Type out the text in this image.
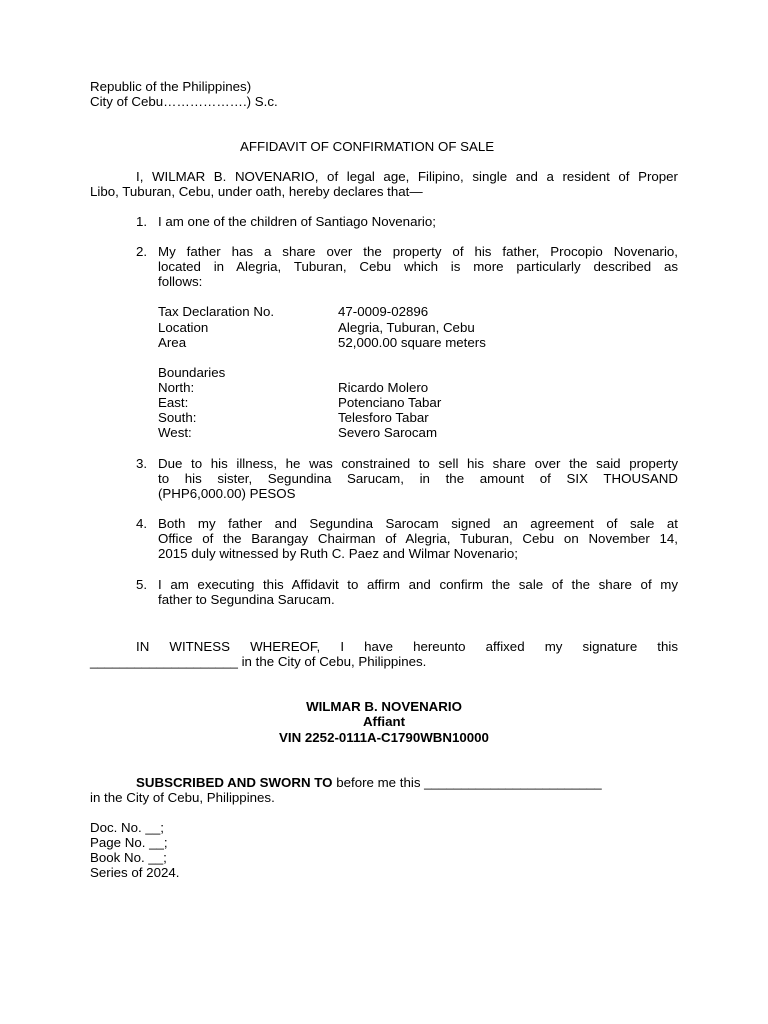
Republic of the Philippines)
City of Cebu……………….) S.c.
AFFIDAVIT OF CONFIRMATION OF SALE
I, WILMAR B. NOVENARIO, of legal age, Filipino, single and a resident of Proper
Libo, Tuburan, Cebu, under oath, hereby declares that—
1. I am one of the children of Santiago Novenario;
2. My father has a share over the property of his father, Procopio Novenario,
located in Alegria, Tuburan, Cebu which is more particularly described as
follows:
Tax Declaration No.	47-0009-02896
Location	Alegria, Tuburan, Cebu
Area	52,000.00 square meters
Boundaries
North:	Ricardo Molero
East:	Potenciano Tabar
South:	Telesforo Tabar
West:	Severo Sarocam
3. Due to his illness, he was constrained to sell his share over the said property
to his sister, Segundina Sarucam, in the amount of SIX THOUSAND
(PHP6,000.00) PESOS
4. Both my father and Segundina Sarocam signed an agreement of sale at
Office of the Barangay Chairman of Alegria, Tuburan, Cebu on November 14,
2015 duly witnessed by Ruth C. Paez and Wilmar Novenario;
5. I am executing this Affidavit to affirm and confirm the sale of the share of my
father to Segundina Sarucam.
IN WITNESS WHEREOF, I have hereunto affixed my signature this
____________________ in the City of Cebu, Philippines.
WILMAR B. NOVENARIO
Affiant
VIN 2252-0111A-C1790WBN10000
SUBSCRIBED AND SWORN TO before me this ________________________
in the City of Cebu, Philippines.
Doc. No. __;
Page No. __;
Book No. __;
Series of 2024.
